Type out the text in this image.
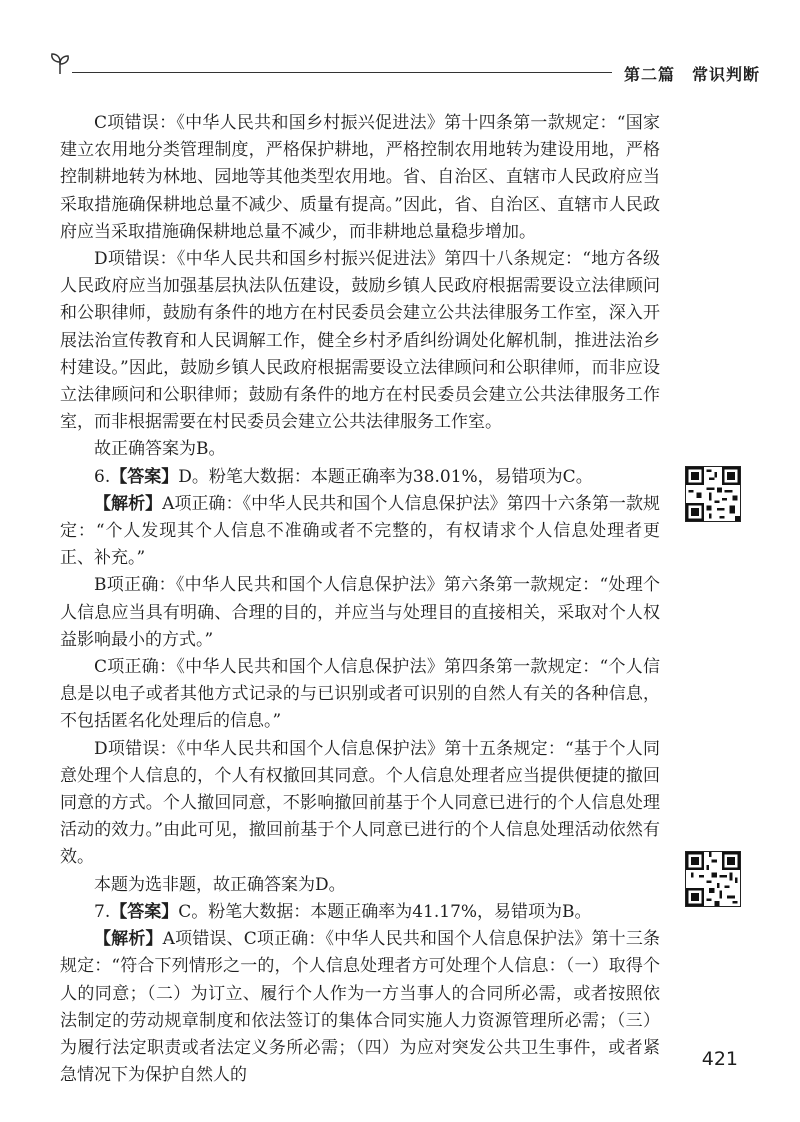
第二篇　常识判断

C项错误：《中华人民共和国乡村振兴促进法》第十四条第一款规定：“国家建立农用地分类管理制度，严格保护耕地，严格控制农用地转为建设用地，严格控制耕地转为林地、园地等其他类型农用地。省、自治区、直辖市人民政府应当采取措施确保耕地总量不减少、质量有提高。”因此，省、自治区、直辖市人民政府应当采取措施确保耕地总量不减少，而非耕地总量稳步增加。

D项错误：《中华人民共和国乡村振兴促进法》第四十八条规定：“地方各级人民政府应当加强基层执法队伍建设，鼓励乡镇人民政府根据需要设立法律顾问和公职律师，鼓励有条件的地方在村民委员会建立公共法律服务工作室，深入开展法治宣传教育和人民调解工作，健全乡村矛盾纠纷调处化解机制，推进法治乡村建设。”因此，鼓励乡镇人民政府根据需要设立法律顾问和公职律师，而非应设立法律顾问和公职律师；鼓励有条件的地方在村民委员会建立公共法律服务工作室，而非根据需要在村民委员会建立公共法律服务工作室。

故正确答案为B。

6.【答案】D。粉笔大数据：本题正确率为38.01%，易错项为C。

【解析】A项正确：《中华人民共和国个人信息保护法》第四十六条第一款规定：“个人发现其个人信息不准确或者不完整的，有权请求个人信息处理者更正、补充。”

B项正确：《中华人民共和国个人信息保护法》第六条第一款规定：“处理个人信息应当具有明确、合理的目的，并应当与处理目的直接相关，采取对个人权益影响最小的方式。”

C项正确：《中华人民共和国个人信息保护法》第四条第一款规定：“个人信息是以电子或者其他方式记录的与已识别或者可识别的自然人有关的各种信息，不包括匿名化处理后的信息。”

D项错误：《中华人民共和国个人信息保护法》第十五条规定：“基于个人同意处理个人信息的，个人有权撤回其同意。个人信息处理者应当提供便捷的撤回同意的方式。个人撤回同意，不影响撤回前基于个人同意已进行的个人信息处理活动的效力。”由此可见，撤回前基于个人同意已进行的个人信息处理活动依然有效。

本题为选非题，故正确答案为D。

7.【答案】C。粉笔大数据：本题正确率为41.17%，易错项为B。

【解析】A项错误、C项正确：《中华人民共和国个人信息保护法》第十三条规定：“符合下列情形之一的，个人信息处理者方可处理个人信息：（一）取得个人的同意；（二）为订立、履行个人作为一方当事人的合同所必需，或者按照依法制定的劳动规章制度和依法签订的集体合同实施人力资源管理所必需；（三）为履行法定职责或者法定义务所必需；（四）为应对突发公共卫生事件，或者紧急情况下为保护自然人的

421
